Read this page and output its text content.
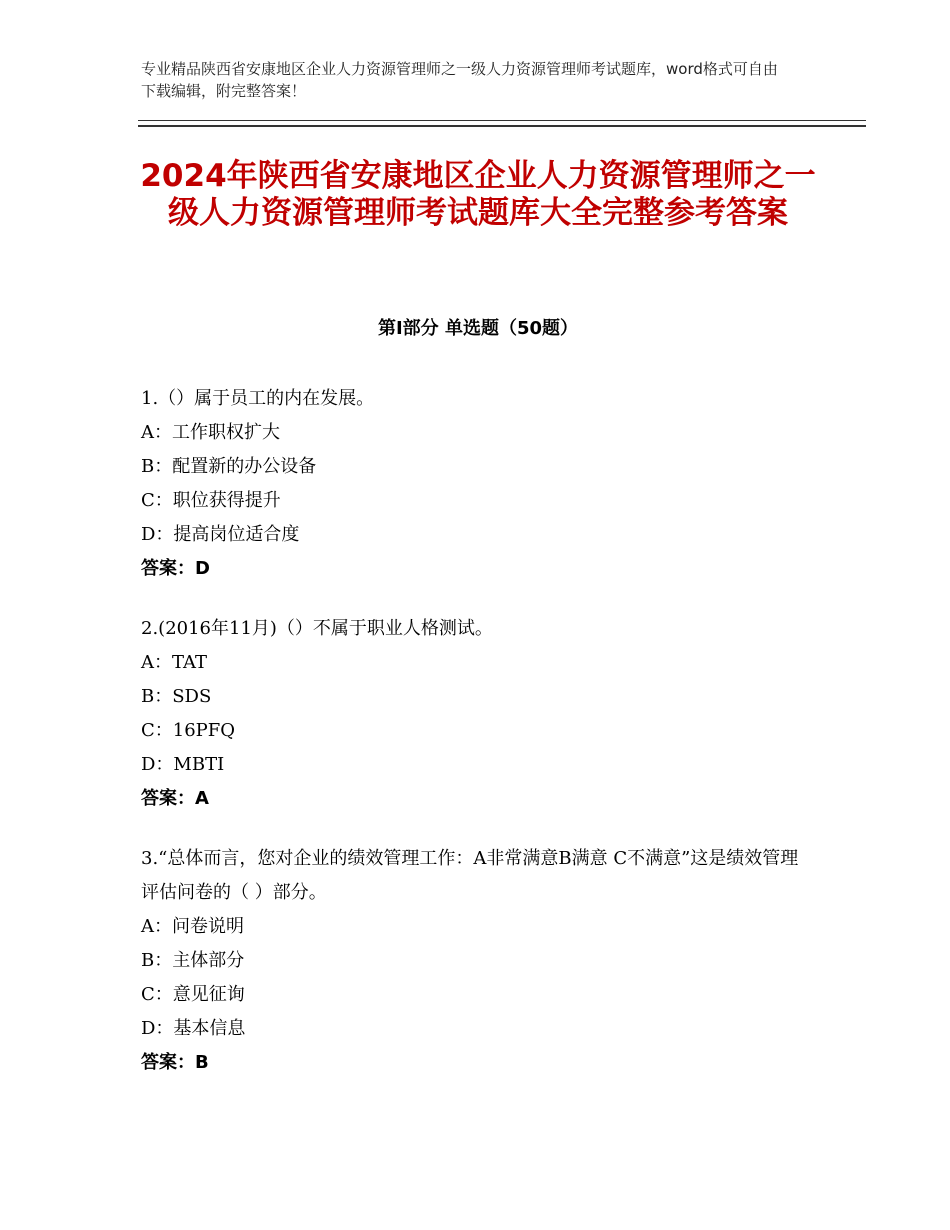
专业精品陕西省安康地区企业人力资源管理师之一级人力资源管理师考试题库，word格式可自由下载编辑，附完整答案！
2024年陕西省安康地区企业人力资源管理师之一级人力资源管理师考试题库大全完整参考答案
第Ⅰ部分 单选题（50题）
1.（）属于员工的内在发展。
A：工作职权扩大
B：配置新的办公设备
C：职位获得提升
D：提高岗位适合度
答案：D
2.(2016年11月)（）不属于职业人格测试。
A：TAT
B：SDS
C：16PFQ
D：MBTI
答案：A
3.“总体而言，您对企业的绩效管理工作：A非常满意B满意 C不满意”这是绩效管理评估问卷的（ ）部分。
A：问卷说明
B：主体部分
C：意见征询
D：基本信息
答案：B
